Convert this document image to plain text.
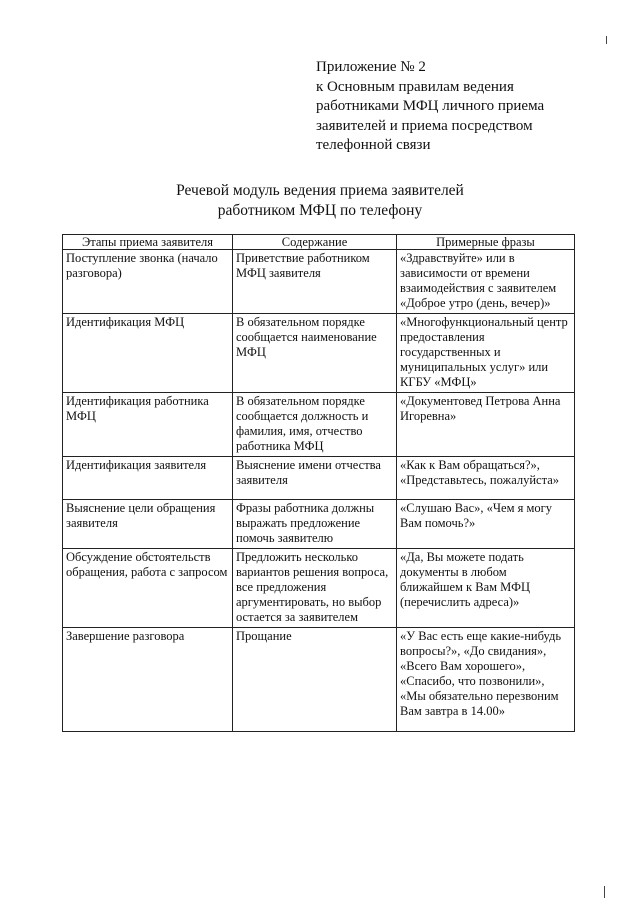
Приложение № 2
к Основным правилам ведения
работниками МФЦ личного приема
заявителей и приема посредством
телефонной связи
Речевой модуль ведения приема заявителей
работником МФЦ по телефону
Этапы приема заявителя	Содержание	Примерные фразы
Поступление звонка (начало разговора)	Приветствие работником МФЦ заявителя	«Здравствуйте» или в зависимости от времени взаимодействия с заявителем «Доброе утро (день, вечер)»
Идентификация МФЦ	В обязательном порядке сообщается наименование МФЦ	«Многофункциональный центр предоставления государственных и муниципальных услуг» или КГБУ «МФЦ»
Идентификация работника МФЦ	В обязательном порядке сообщается должность и фамилия, имя, отчество работника МФЦ	«Документовед Петрова Анна Игоревна»
Идентификация заявителя	Выяснение имени отчества заявителя	«Как к Вам обращаться?», «Представьтесь, пожалуйста»
Выяснение цели обращения заявителя	Фразы работника должны выражать предложение помочь заявителю	«Слушаю Вас», «Чем я могу Вам помочь?»
Обсуждение обстоятельств обращения, работа с запросом	Предложить несколько вариантов решения вопроса, все предложения аргументировать, но выбор остается за заявителем	«Да, Вы можете подать документы в любом ближайшем к Вам МФЦ (перечислить адреса)»
Завершение разговора	Прощание	«У Вас есть еще какие-нибудь вопросы?», «До свидания», «Всего Вам хорошего», «Спасибо, что позвонили», «Мы обязательно перезвоним Вам завтра в 14.00»
